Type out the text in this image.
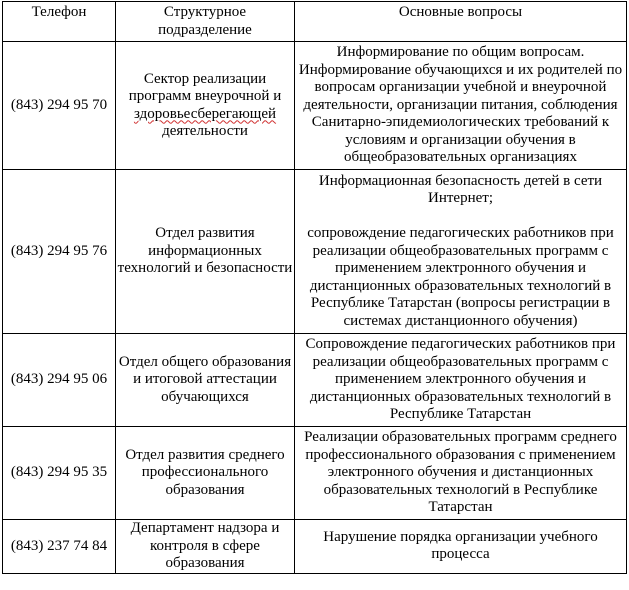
Телефон	Структурное подразделение	Основные вопросы
(843) 294 95 70	Сектор реализации программ внеурочной и здоровьесберегающей деятельности	Информирование по общим вопросам. Информирование обучающихся и их родителей по вопросам организации учебной и внеурочной деятельности, организации питания, соблюдения Санитарно-эпидемиологических требований к условиям и организации обучения в общеобразовательных организациях

(843) 294 95 76	Отдел развития информационных технологий и безопасности	Информационная безопасность детей в сети Интернет;
сопровождение педагогических работников при реализации общеобразовательных программ с применением электронного обучения и дистанционных образовательных технологий в Республике Татарстан (вопросы регистрации в системах дистанционного обучения)

(843) 294 95 06	Отдел общего образования и итоговой аттестации обучающихся	Сопровождение педагогических работников при реализации общеобразовательных программ с применением электронного обучения и дистанционных образовательных технологий в Республике Татарстан

(843) 294 95 35	Отдел развития среднего профессионального образования	Реализации образовательных программ среднего профессионального образования с применением электронного обучения и дистанционных образовательных технологий в Республике Татарстан

(843) 237 74 84	Департамент надзора и контроля в сфере образования	Нарушение порядка организации учебного процесса
